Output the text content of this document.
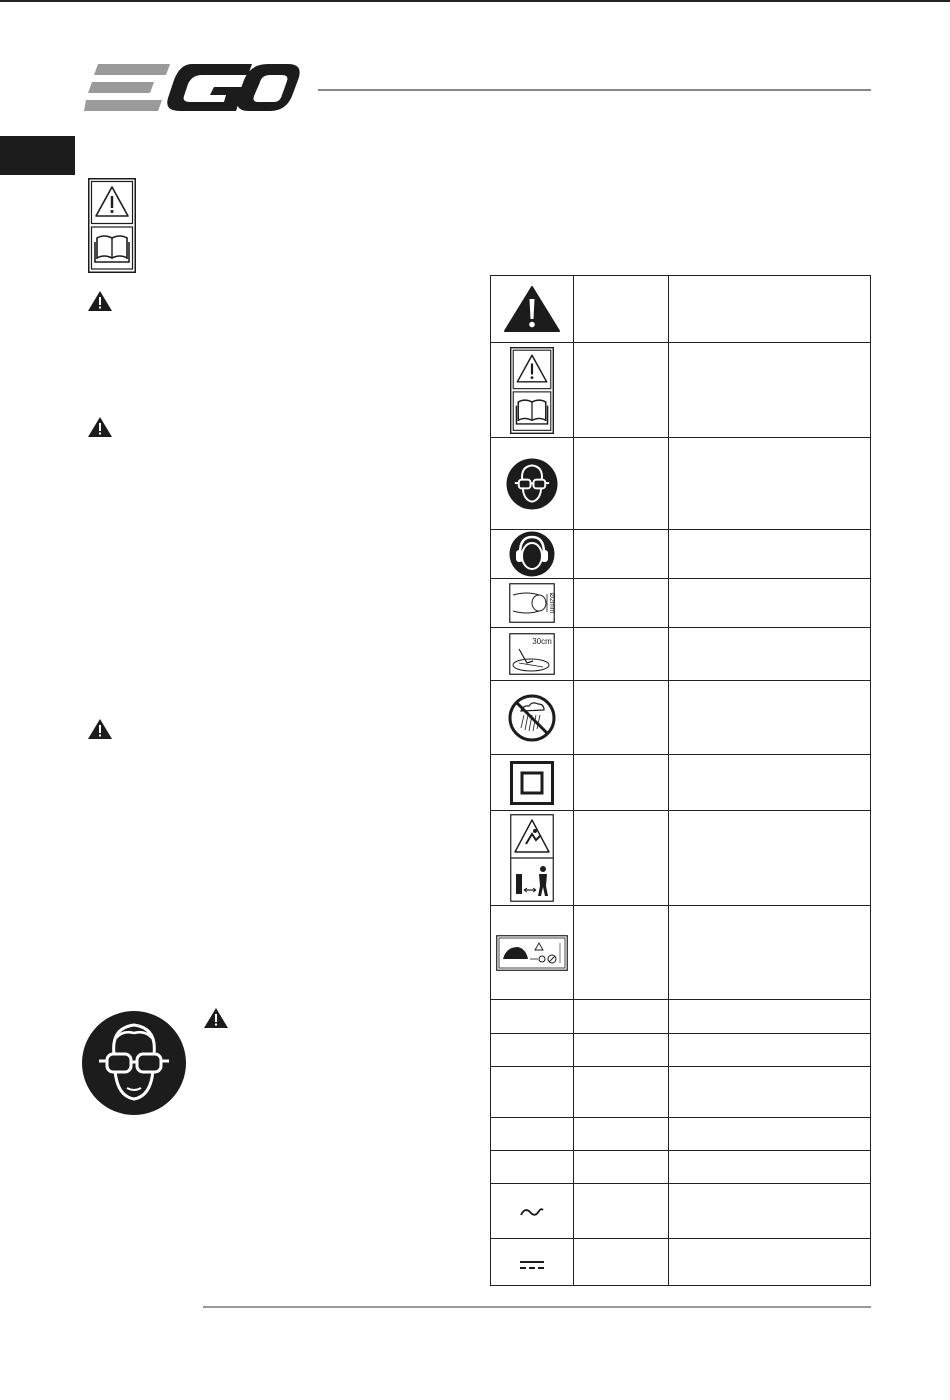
Ø2mm
30cm
